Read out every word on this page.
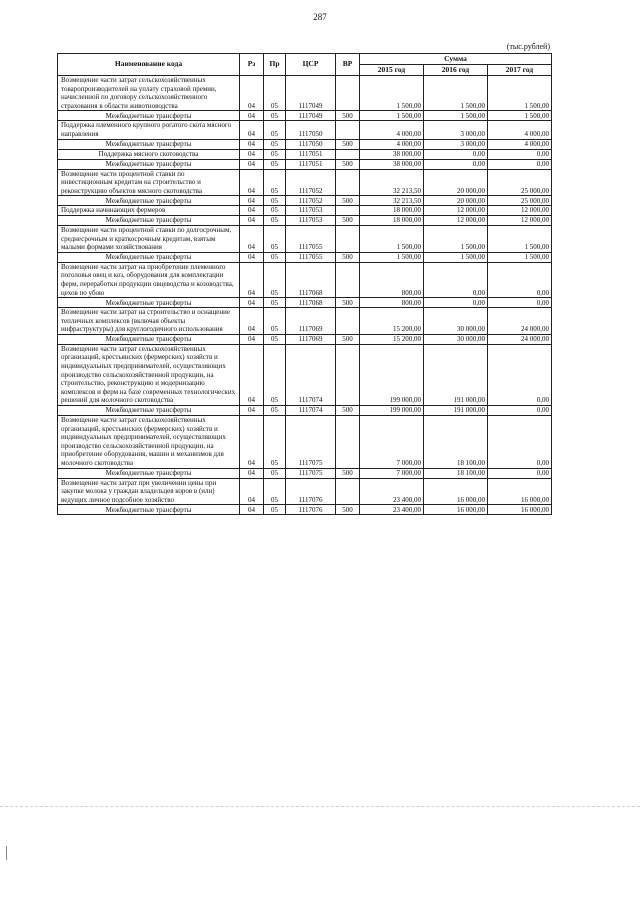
287
(тыс.рублей)
Наименование кода	Рз	Пр	ЦСР	ВР	Сумма		
					2015 год	2016 год	2017 год
Возмещение части затрат сельскохозяйственных товаропроизводителей на уплату страховой премии, начисленной по договору сельскохозяйственного страхования в области животноводства	04	05	1117049		1 500,00	1 500,00	1 500,00
Межбюджетные трансферты	04	05	1117049	500	1 500,00	1 500,00	1 500,00
Поддержка племенного крупного рогатого скота мясного направления	04	05	1117050		4 000,00	3 000,00	4 000,00
Межбюджетные трансферты	04	05	1117050	500	4 000,00	3 000,00	4 000,00
Поддержка мясного скотоводства	04	05	1117051		38 000,00	0,00	0,00
Межбюджетные трансферты	04	05	1117051	500	38 000,00	0,00	0,00
Возмещение части процентной ставки по инвестиционным кредитам на строительство и реконструкцию объектов мясного скотоводства	04	05	1117052		32 213,50	20 000,00	25 000,00
Межбюджетные трансферты	04	05	1117052	500	32 213,50	20 000,00	25 000,00
Поддержка начинающих фермеров	04	05	1117053		18 000,00	12 000,00	12 000,00
Межбюджетные трансферты	04	05	1117053	500	18 000,00	12 000,00	12 000,00
Возмещение части процентной ставки по долгосрочным, среднесрочным и краткосрочным кредитам, взятым малыми формами хозяйствования	04	05	1117055		1 500,00	1 500,00	1 500,00
Межбюджетные трансферты	04	05	1117055	500	1 500,00	1 500,00	1 500,00
Возмещение части затрат на приобретение племенного поголовья овец и коз, оборудования для комплектации ферм, переработки продукции овцеводства и козоводства, цехов по убою	04	05	1117068		800,00	0,00	0,00
Межбюджетные трансферты	04	05	1117068	500	800,00	0,00	0,00
Возмещение части затрат на строительство и оснащение тепличных комплексов (включая объекты инфраструктуры) для круглогодичного использования	04	05	1117069		15 200,00	30 000,00	24 000,00
Межбюджетные трансферты	04	05	1117069	500	15 200,00	30 000,00	24 000,00
Возмещение части затрат сельскохозяйственных организаций, крестьянских (фермерских) хозяйств и индивидуальных предпринимателей, осуществляющих производство сельскохозяйственной продукции, на строительство, реконструкцию и модернизацию комплексов и ферм на базе современных технологических решений для молочного скотоводства	04	05	1117074		199 000,00	191 000,00	0,00
Межбюджетные трансферты	04	05	1117074	500	199 000,00	191 000,00	0,00
Возмещение части затрат сельскохозяйственных организаций, крестьянских (фермерских) хозяйств и индивидуальных предпринимателей, осуществляющих производство сельскохозяйственной продукции, на приобретение оборудования, машин и механизмов для молочного скотоводства	04	05	1117075		7 000,00	18 100,00	0,00
Межбюджетные трансферты	04	05	1117075	500	7 000,00	18 100,00	0,00
Возмещение части затрат при увеличении цены при закупке молока у граждан владельцев коров в (или) ведущих личное подсобное хозяйство	04	05	1117076		23 400,00	16 000,00	16 000,00
Межбюджетные трансферты	04	05	1117076	500	23 400,00	16 000,00	16 000,00
